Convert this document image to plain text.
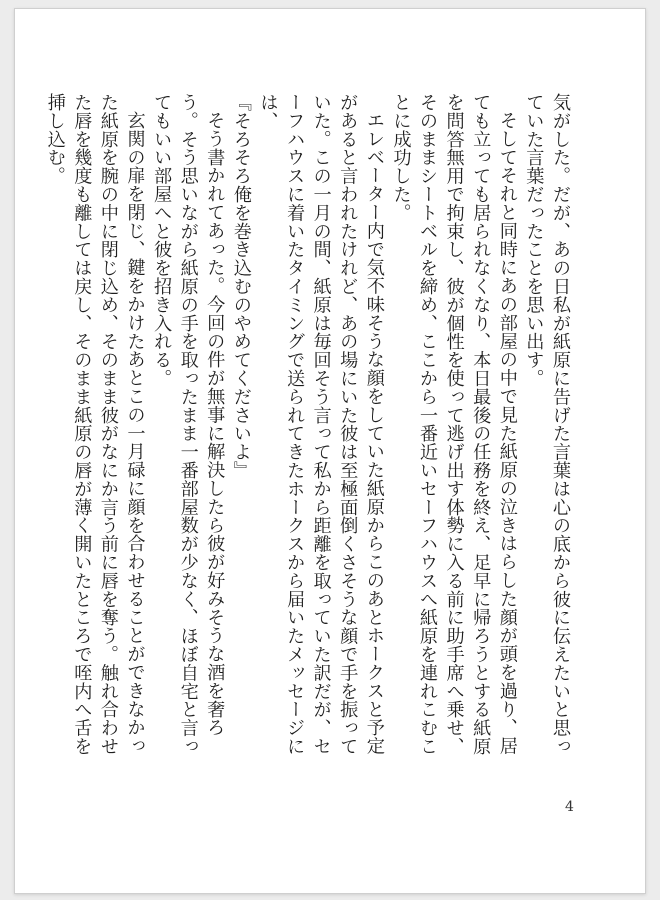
気がした。だが、あの日私が紙原に告げた言葉は心の底から彼に伝えたいと思っていた言葉だったことを思い出す。

そしてそれと同時にあの部屋の中で見た紙原の泣きはらした顔が頭を過り、居ても立っても居られなくなり、本日最後の任務を終え、足早に帰ろうとする紙原を問答無用で拘束し、彼が個性を使って逃げ出す体勢に入る前に助手席へ乗せ、そのままシートベルを締め、ここから一番近いセーフハウスへ紙原を連れこむことに成功した。

エレベーター内で気不味そうな顔をしていた紙原からこのあとホークスと予定があると言われたけれど、あの場にいた彼は至極面倒くさそうな顔で手を振っていた。この一月の間、紙原は毎回そう言って私から距離を取っていた訳だが、セーフハウスに着いたタイミングで送られてきたホークスから届いたメッセージには、

『そろそろ俺を巻き込むのやめてくださいよ』

そう書かれてあった。今回の件が無事に解決したら彼が好みそうな酒を奢ろう。そう思いながら紙原の手を取ったまま一番部屋数が少なく、ほぼ自宅と言ってもいい部屋へと彼を招き入れる。

玄関の扉を閉じ、鍵をかけたあとこの一月碌に顔を合わせることができなかった紙原を腕の中に閉じ込め、そのまま彼がなにか言う前に唇を奪う。触れ合わせた唇を幾度も離しては戻し、そのまま紙原の唇が薄く開いたところで咥内へ舌を挿し込む。

4
